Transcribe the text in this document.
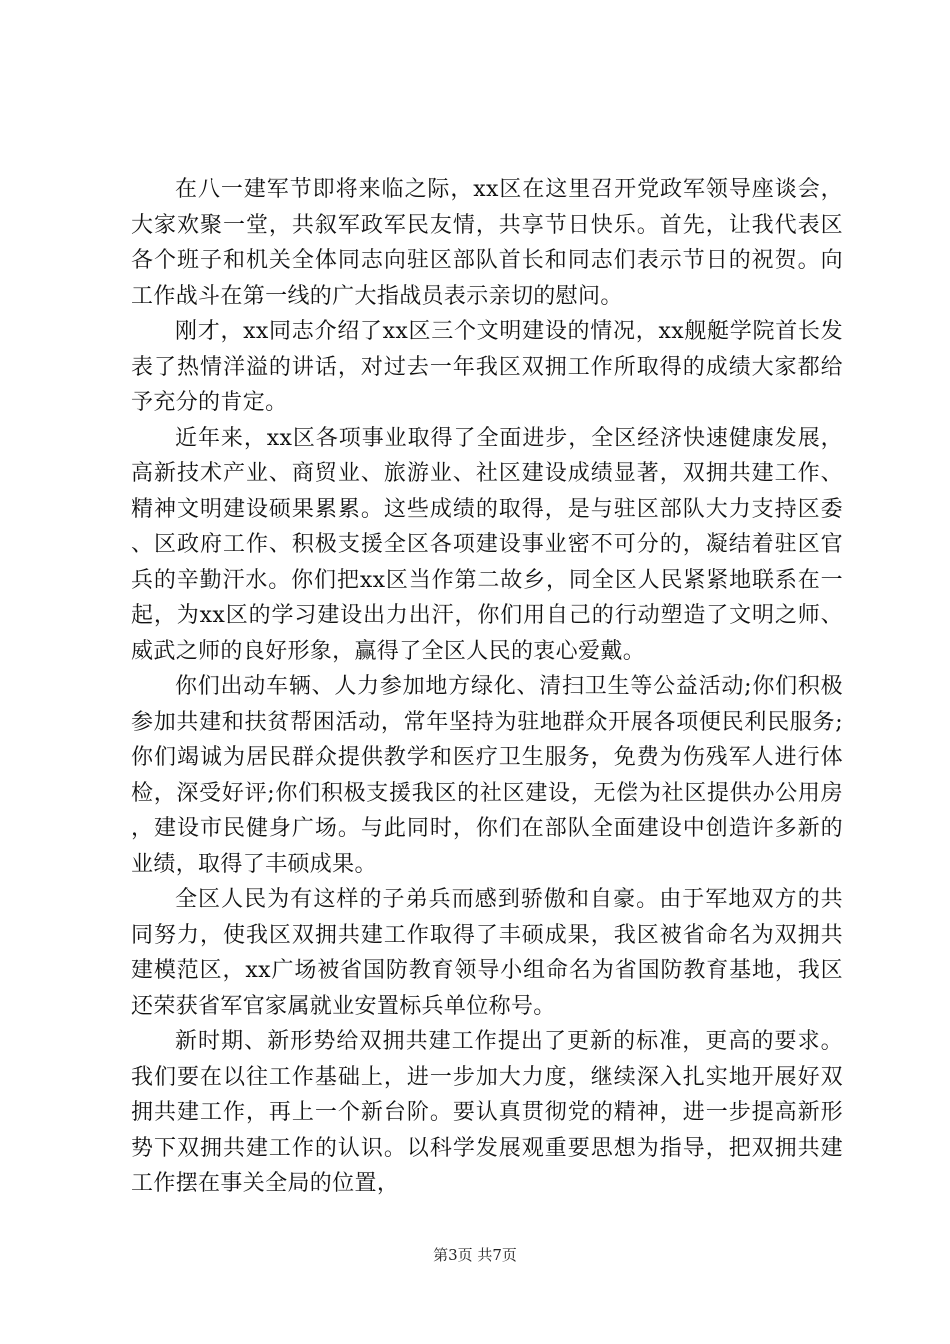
在八一建军节即将来临之际，xx区在这里召开党政军领导座谈会，大家欢聚一堂，共叙军政军民友情，共享节日快乐。首先，让我代表区各个班子和机关全体同志向驻区部队首长和同志们表示节日的祝贺。向工作战斗在第一线的广大指战员表示亲切的慰问。

刚才，xx同志介绍了xx区三个文明建设的情况，xx舰艇学院首长发表了热情洋溢的讲话，对过去一年我区双拥工作所取得的成绩大家都给予充分的肯定。

近年来，xx区各项事业取得了全面进步，全区经济快速健康发展，高新技术产业、商贸业、旅游业、社区建设成绩显著，双拥共建工作、精神文明建设硕果累累。这些成绩的取得，是与驻区部队大力支持区委、区政府工作、积极支援全区各项建设事业密不可分的，凝结着驻区官兵的辛勤汗水。你们把xx区当作第二故乡，同全区人民紧紧地联系在一起，为xx区的学习建设出力出汗，你们用自己的行动塑造了文明之师、威武之师的良好形象，赢得了全区人民的衷心爱戴。

你们出动车辆、人力参加地方绿化、清扫卫生等公益活动;你们积极参加共建和扶贫帮困活动，常年坚持为驻地群众开展各项便民利民服务;你们竭诚为居民群众提供教学和医疗卫生服务，免费为伤残军人进行体检，深受好评;你们积极支援我区的社区建设，无偿为社区提供办公用房，建设市民健身广场。与此同时，你们在部队全面建设中创造许多新的业绩，取得了丰硕成果。

全区人民为有这样的子弟兵而感到骄傲和自豪。由于军地双方的共同努力，使我区双拥共建工作取得了丰硕成果，我区被省命名为双拥共建模范区，xx广场被省国防教育领导小组命名为省国防教育基地，我区还荣获省军官家属就业安置标兵单位称号。

新时期、新形势给双拥共建工作提出了更新的标准，更高的要求。我们要在以往工作基础上，进一步加大力度，继续深入扎实地开展好双拥共建工作，再上一个新台阶。要认真贯彻党的精神，进一步提高新形势下双拥共建工作的认识。以科学发展观重要思想为指导，把双拥共建工作摆在事关全局的位置，

第3页 共7页
